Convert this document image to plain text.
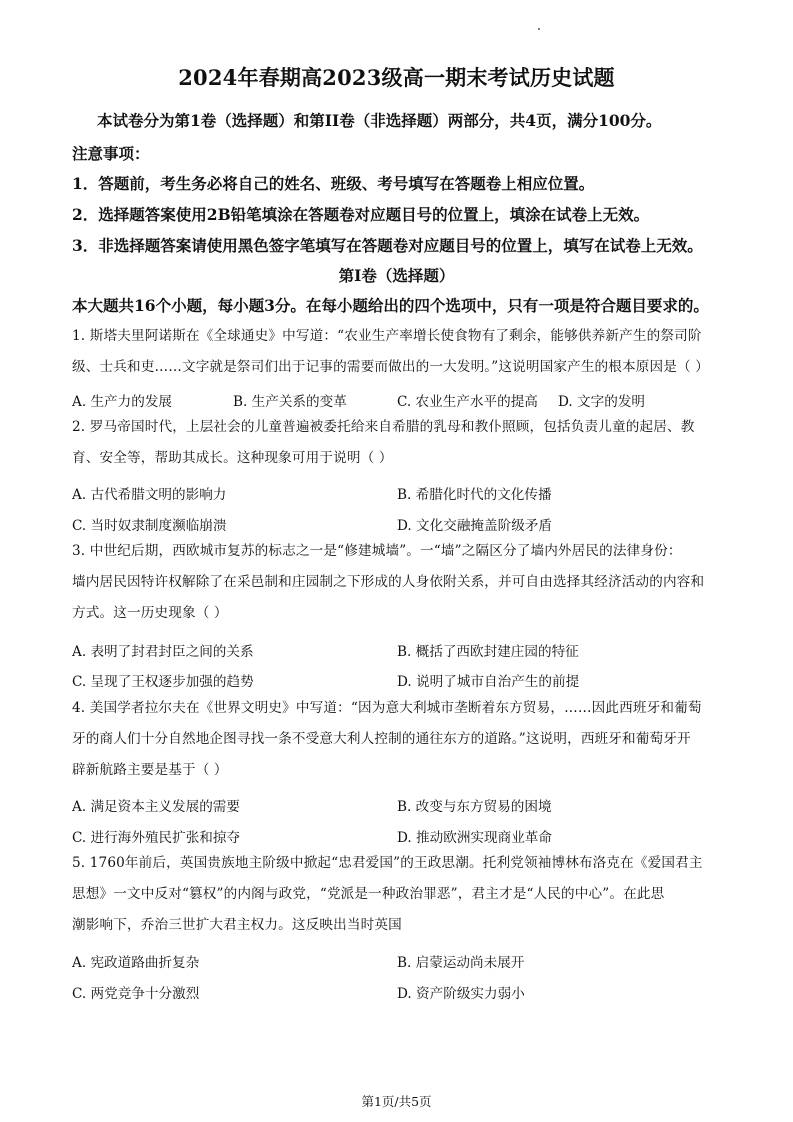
2024年春期高2023级高一期末考试历史试题
本试卷分为第1卷（选择题）和第II卷（非选择题）两部分，共4页，满分100分。
注意事项：
1．答题前，考生务必将自己的姓名、班级、考号填写在答题卷上相应位置。
2．选择题答案使用2B铅笔填涂在答题卷对应题目号的位置上，填涂在试卷上无效。
3．非选择题答案请使用黑色签字笔填写在答题卷对应题目号的位置上，填写在试卷上无效。
第Ⅰ卷（选择题）
本大题共16个小题，每小题3分。在每小题给出的四个选项中，只有一项是符合题目要求的。
1. 斯塔夫里阿诺斯在《全球通史》中写道：“农业生产率增长使食物有了剩余，能够供养新产生的祭司阶
级、士兵和吏……文字就是祭司们出于记事的需要而做出的一大发明。”这说明国家产生的根本原因是（ ）
A. 生产力的发展	B. 生产关系的变革	C. 农业生产水平的提高 D. 文字的发明
2. 罗马帝国时代，上层社会的儿童普遍被委托给来自希腊的乳母和教仆照顾，包括负责儿童的起居、教
育、安全等，帮助其成长。这种现象可用于说明（ ）
A. 古代希腊文明的影响力	B. 希腊化时代的文化传播
C. 当时奴隶制度濒临崩溃	D. 文化交融掩盖阶级矛盾
3. 中世纪后期，西欧城市复苏的标志之一是“修建城墙”。一“墙”之隔区分了墙内外居民的法律身份：
墙内居民因特许权解除了在采邑制和庄园制之下形成的人身依附关系，并可自由选择其经济活动的内容和
方式。这一历史现象（ ）
A. 表明了封君封臣之间的关系	B. 概括了西欧封建庄园的特征
C. 呈现了王权逐步加强的趋势	D. 说明了城市自治产生的前提
4. 美国学者拉尔夫在《世界文明史》中写道：“因为意大利城市垄断着东方贸易，……因此西班牙和葡萄
牙的商人们十分自然地企图寻找一条不受意大利人控制的通往东方的道路。”这说明，西班牙和葡萄牙开
辟新航路主要是基于（ ）
A. 满足资本主义发展的需要	B. 改变与东方贸易的困境
C. 进行海外殖民扩张和掠夺	D. 推动欧洲实现商业革命
5. 1760年前后，英国贵族地主阶级中掀起“忠君爱国”的王政思潮。托利党领袖博林布洛克在《爱国君主
思想》一文中反对“篡权”的内阁与政党，“党派是一种政治罪恶”，君主才是“人民的中心”。在此思
潮影响下，乔治三世扩大君主权力。这反映出当时英国
A. 宪政道路曲折复杂	B. 启蒙运动尚未展开
C. 两党竞争十分激烈	D. 资产阶级实力弱小
第1页/共5页
